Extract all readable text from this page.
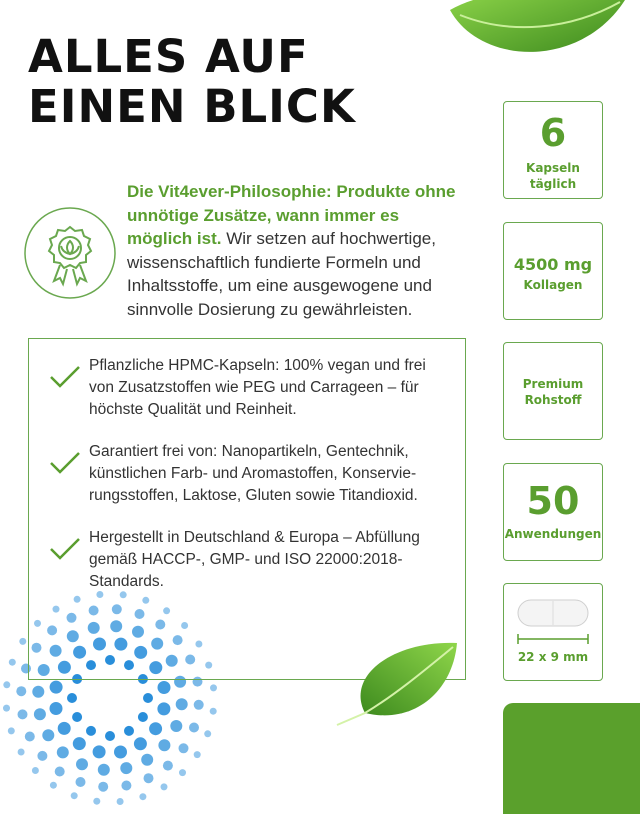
ALLES AUF
EINEN BLICK

Die Vit4ever-Philosophie: Produkte ohne unnötige Zusätze, wann immer es möglich ist. Wir setzen auf hochwertige, wissenschaftlich fundierte Formeln und Inhaltsstoffe, um eine ausgewogene und sinnvolle Dosierung zu gewährleisten.

Pflanzliche HPMC-Kapseln: 100% vegan und frei von Zusatzstoffen wie PEG und Carrageen – für höchste Qualität und Reinheit.
Garantiert frei von: Nanopartikeln, Gentechnik, künstlichen Farb- und Aromastoffen, Konservierungsstoffen, Laktose, Gluten sowie Titandioxid.
Hergestellt in Deutschland & Europa – Abfüllung gemäß HACCP-, GMP- und ISO 22000:2018-Standards.
6
Kapseln
täglich
4500 mg
Kollagen
Premium
Rohstoff
50
Anwendungen
22 x 9 mm
